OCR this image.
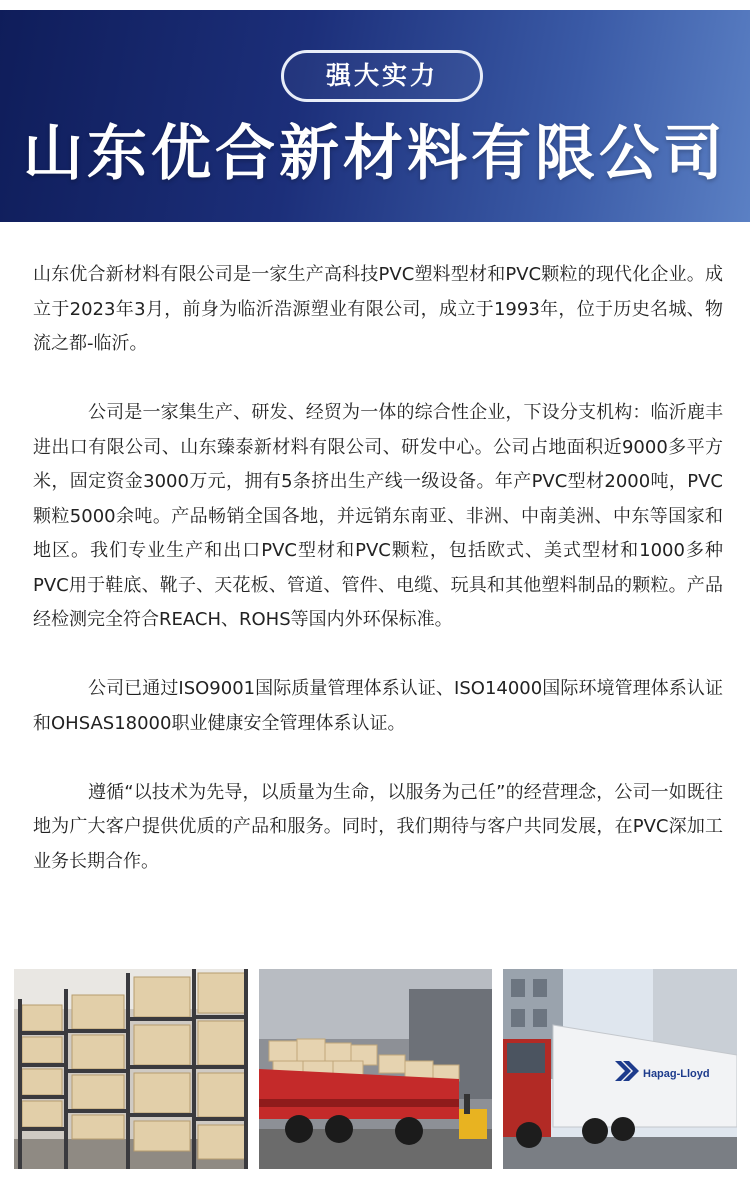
强大实力
山东优合新材料有限公司

山东优合新材料有限公司是一家生产高科技PVC塑料型材和PVC颗粒的现代化企业。成立于2023年3月，前身为临沂浩源塑业有限公司，成立于1993年，位于历史名城、物流之都-临沂。

公司是一家集生产、研发、经贸为一体的综合性企业，下设分支机构：临沂鹿丰进出口有限公司、山东臻泰新材料有限公司、研发中心。公司占地面积近9000多平方米，固定资金3000万元，拥有5条挤出生产线一级设备。年产PVC型材2000吨，PVC颗粒5000余吨。产品畅销全国各地，并远销东南亚、非洲、中南美洲、中东等国家和地区。我们专业生产和出口PVC型材和PVC颗粒，包括欧式、美式型材和1000多种PVC用于鞋底、靴子、天花板、管道、管件、电缆、玩具和其他塑料制品的颗粒。产品经检测完全符合REACH、ROHS等国内外环保标准。

公司已通过ISO9001国际质量管理体系认证、ISO14000国际环境管理体系认证和OHSAS18000职业健康安全管理体系认证。

遵循“以技术为先导，以质量为生命，以服务为己任”的经营理念，公司一如既往地为广大客户提供优质的产品和服务。同时，我们期待与客户共同发展，在PVC深加工业务长期合作。

Hapag-Lloyd
